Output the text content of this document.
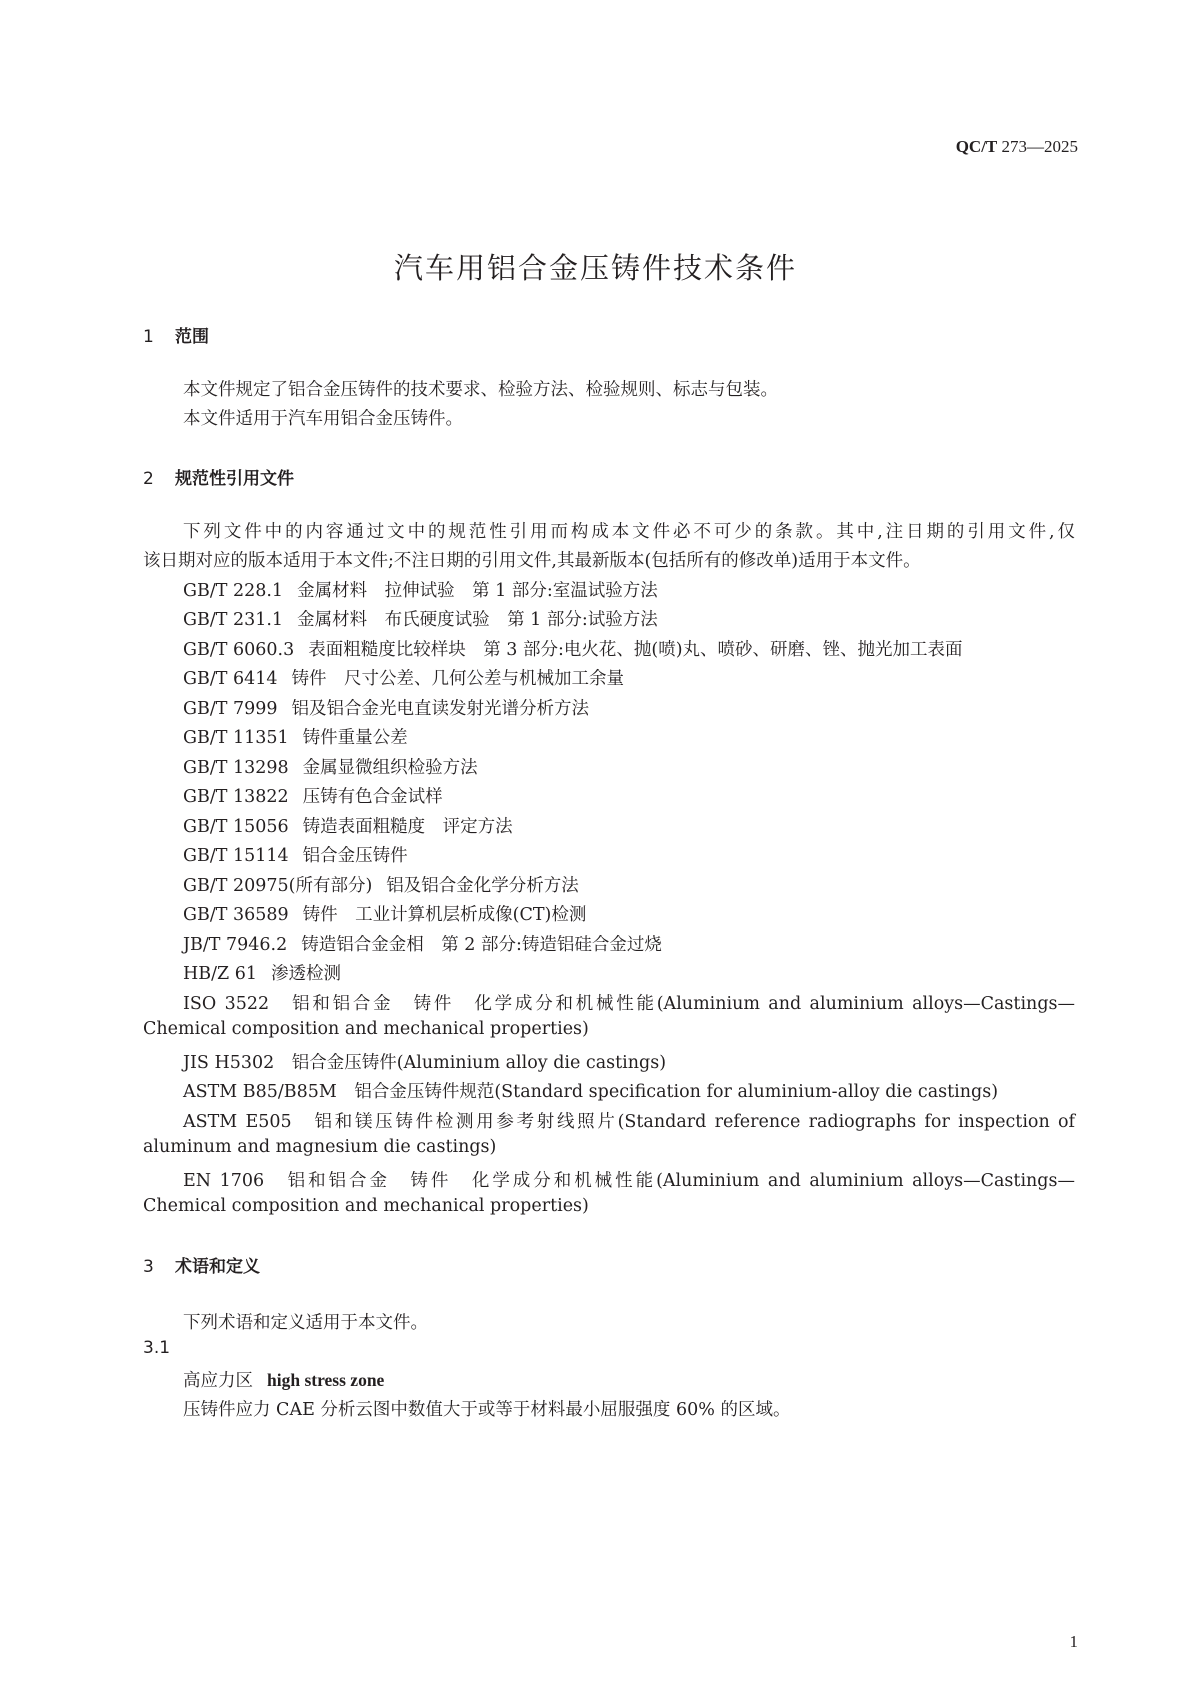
QC/T 273—2025
汽车用铝合金压铸件技术条件
1 范围
本文件规定了铝合金压铸件的技术要求、检验方法、检验规则、标志与包装。
本文件适用于汽车用铝合金压铸件。
2 规范性引用文件
下列文件中的内容通过文中的规范性引用而构成本文件必不可少的条款。其中,注日期的引用文件,仅
该日期对应的版本适用于本文件;不注日期的引用文件,其最新版本(包括所有的修改单)适用于本文件。
GB/T 228.1 金属材料　拉伸试验　第 1 部分:室温试验方法
GB/T 231.1 金属材料　布氏硬度试验　第 1 部分:试验方法
GB/T 6060.3 表面粗糙度比较样块　第 3 部分:电火花、抛(喷)丸、喷砂、研磨、锉、抛光加工表面
GB/T 6414 铸件　尺寸公差、几何公差与机械加工余量
GB/T 7999 铝及铝合金光电直读发射光谱分析方法
GB/T 11351 铸件重量公差
GB/T 13298 金属显微组织检验方法
GB/T 13822 压铸有色合金试样
GB/T 15056 铸造表面粗糙度　评定方法
GB/T 15114 铝合金压铸件
GB/T 20975(所有部分) 铝及铝合金化学分析方法
GB/T 36589 铸件　工业计算机层析成像(CT)检测
JB/T 7946.2 铸造铝合金金相　第 2 部分:铸造铝硅合金过烧
HB/Z 61 渗透检测
ISO 3522　铝和铝合金　铸件　化学成分和机械性能(Aluminium and aluminium alloys—Castings—
Chemical composition and mechanical properties)
JIS H5302　铝合金压铸件(Aluminium alloy die castings)
ASTM B85/B85M　铝合金压铸件规范(Standard specification for aluminium-alloy die castings)
ASTM E505　铝和镁压铸件检测用参考射线照片(Standard reference radiographs for inspection of
aluminum and magnesium die castings)
EN 1706　铝和铝合金　铸件　化学成分和机械性能(Aluminium and aluminium alloys—Castings—
Chemical composition and mechanical properties)
3 术语和定义
下列术语和定义适用于本文件。
3.1
高应力区 high stress zone
压铸件应力 CAE 分析云图中数值大于或等于材料最小屈服强度 60% 的区域。
1
